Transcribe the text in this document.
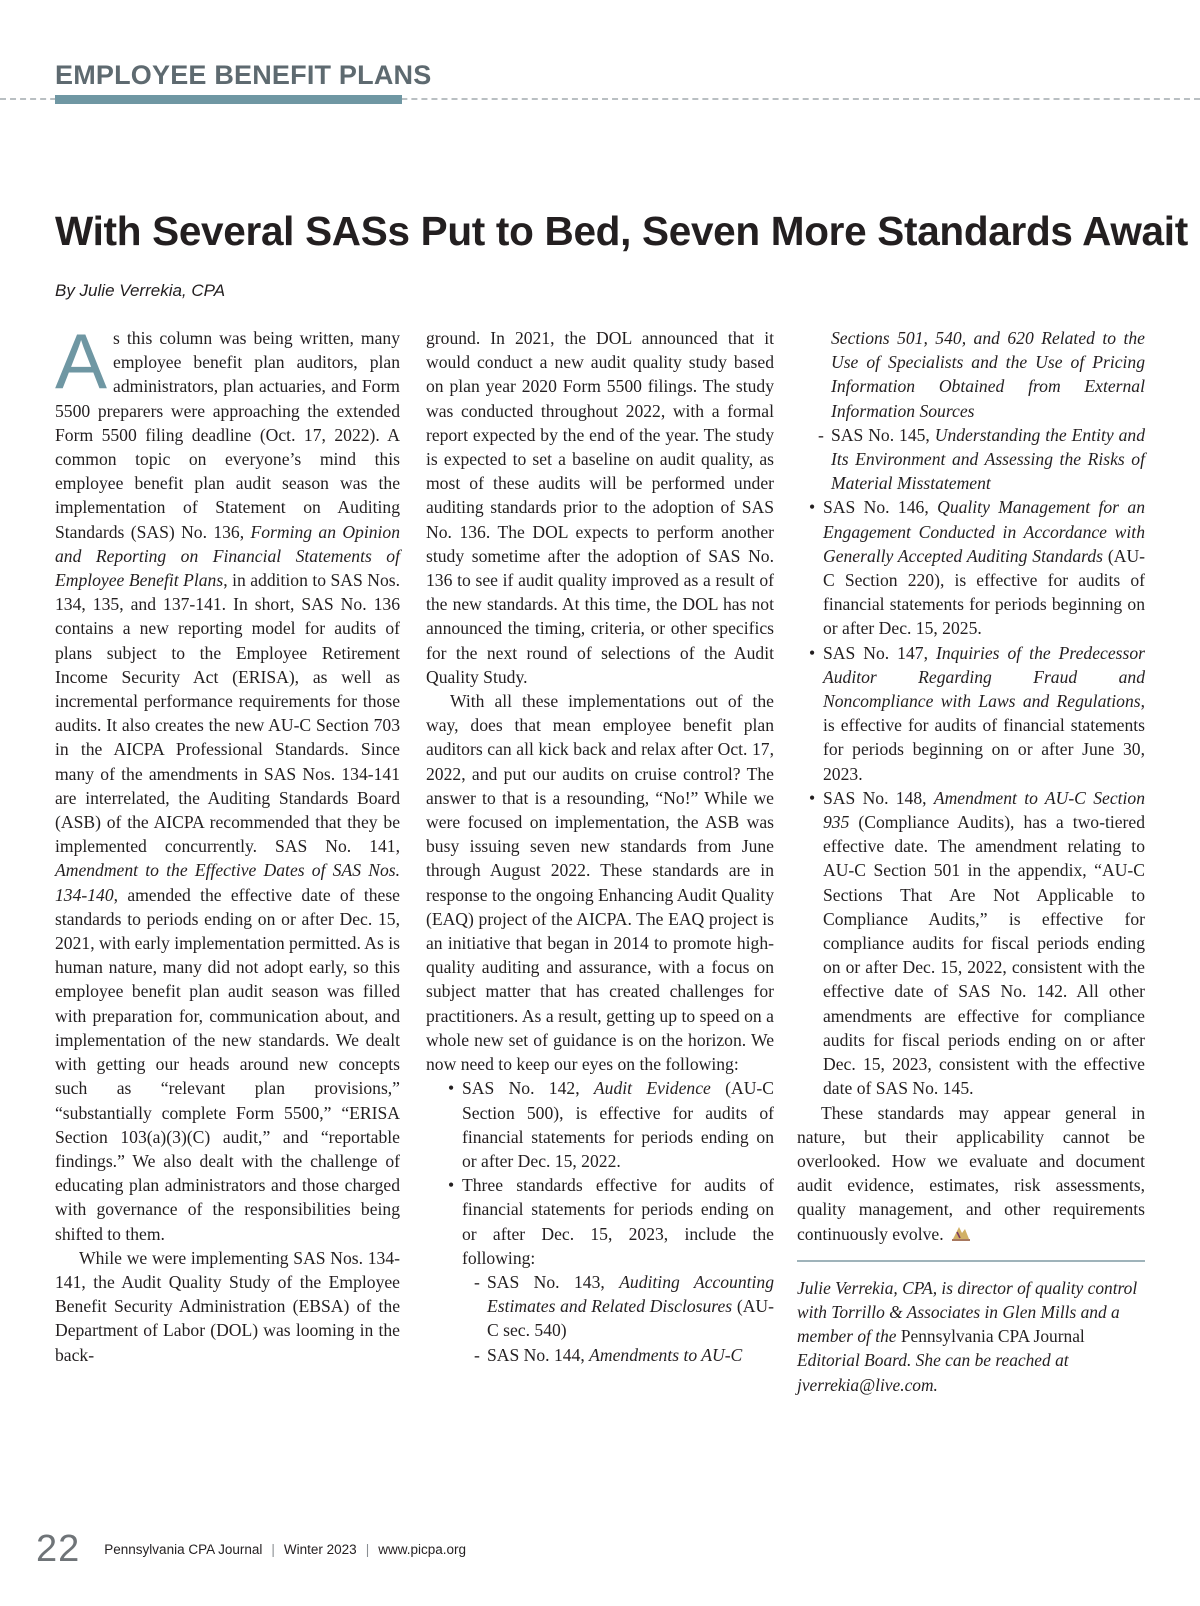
EMPLOYEE BENEFIT PLANS
With Several SASs Put to Bed, Seven More Standards Await

By Julie Verrekia, CPA

As this column was being written, many employee benefit plan auditors, plan administrators, plan actuaries, and Form 5500 preparers were approaching the extended Form 5500 filing deadline (Oct. 17, 2022). A common topic on everyone’s mind this employee benefit plan audit season was the implementation of Statement on Auditing Standards (SAS) No. 136, Forming an Opinion and Reporting on Financial Statements of Employee Benefit Plans, in addition to SAS Nos. 134, 135, and 137-141. In short, SAS No. 136 contains a new reporting model for audits of plans subject to the Employee Retirement Income Security Act (ERISA), as well as incremental performance requirements for those audits. It also creates the new AU-C Section 703 in the AICPA Professional Standards. Since many of the amendments in SAS Nos. 134-141 are interrelated, the Auditing Standards Board (ASB) of the AICPA recommended that they be implemented concurrently. SAS No. 141, Amendment to the Effective Dates of SAS Nos. 134-140, amended the effective date of these standards to periods ending on or after Dec. 15, 2021, with early implementation permitted. As is human nature, many did not adopt early, so this employee benefit plan audit season was filled with preparation for, communication about, and implementation of the new standards. We dealt with getting our heads around new concepts such as “relevant plan provisions,” “substantially complete Form 5500,” “ERISA Section 103(a)(3)(C) audit,” and “reportable findings.” We also dealt with the challenge of educating plan administrators and those charged with governance of the responsibilities being shifted to them.

While we were implementing SAS Nos. 134-141, the Audit Quality Study of the Employee Benefit Security Administration (EBSA) of the Department of Labor (DOL) was looming in the back-

ground. In 2021, the DOL announced that it would conduct a new audit quality study based on plan year 2020 Form 5500 filings. The study was conducted throughout 2022, with a formal report expected by the end of the year. The study is expected to set a baseline on audit quality, as most of these audits will be performed under auditing standards prior to the adoption of SAS No. 136. The DOL expects to perform another study sometime after the adoption of SAS No. 136 to see if audit quality improved as a result of the new standards. At this time, the DOL has not announced the timing, criteria, or other specifics for the next round of selections of the Audit Quality Study.

With all these implementations out of the way, does that mean employee benefit plan auditors can all kick back and relax after Oct. 17, 2022, and put our audits on cruise control? The answer to that is a resounding, “No!” While we were focused on implementation, the ASB was busy issuing seven new standards from June through August 2022. These standards are in response to the ongoing Enhancing Audit Quality (EAQ) project of the AICPA. The EAQ project is an initiative that began in 2014 to promote high-quality auditing and assurance, with a focus on subject matter that has created challenges for practitioners. As a result, getting up to speed on a whole new set of guidance is on the horizon. We now need to keep our eyes on the following:

• SAS No. 142, Audit Evidence (AU-C Section 500), is effective for audits of financial statements for periods ending on or after Dec. 15, 2022.
• Three standards effective for audits of financial statements for periods ending on or after Dec. 15, 2023, include the following:
- SAS No. 143, Auditing Accounting Estimates and Related Disclosures (AU-C sec. 540)
- SAS No. 144, Amendments to AU-C
Sections 501, 540, and 620 Related to the Use of Specialists and the Use of Pricing Information Obtained from External Information Sources
- SAS No. 145, Understanding the Entity and Its Environment and Assessing the Risks of Material Misstatement
• SAS No. 146, Quality Management for an Engagement Conducted in Accordance with Generally Accepted Auditing Standards (AU-C Section 220), is effective for audits of financial statements for periods beginning on or after Dec. 15, 2025.
• SAS No. 147, Inquiries of the Predecessor Auditor Regarding Fraud and Noncompliance with Laws and Regulations, is effective for audits of financial statements for periods beginning on or after June 30, 2023.
• SAS No. 148, Amendment to AU-C Section 935 (Compliance Audits), has a two-tiered effective date. The amendment relating to AU-C Section 501 in the appendix, “AU-C Sections That Are Not Applicable to Compliance Audits,” is effective for compliance audits for fiscal periods ending on or after Dec. 15, 2022, consistent with the effective date of SAS No. 142. All other amendments are effective for compliance audits for fiscal periods ending on or after Dec. 15, 2023, consistent with the effective date of SAS No. 145.

These standards may appear general in nature, but their applicability cannot be overlooked. How we evaluate and document audit evidence, estimates, risk assessments, quality management, and other requirements continuously evolve.

Julie Verrekia, CPA, is director of quality control with Torrillo & Associates in Glen Mills and a member of the Pennsylvania CPA Journal Editorial Board. She can be reached at jverrekia@live.com.

22 Pennsylvania CPA Journal | Winter 2023 | www.picpa.org
